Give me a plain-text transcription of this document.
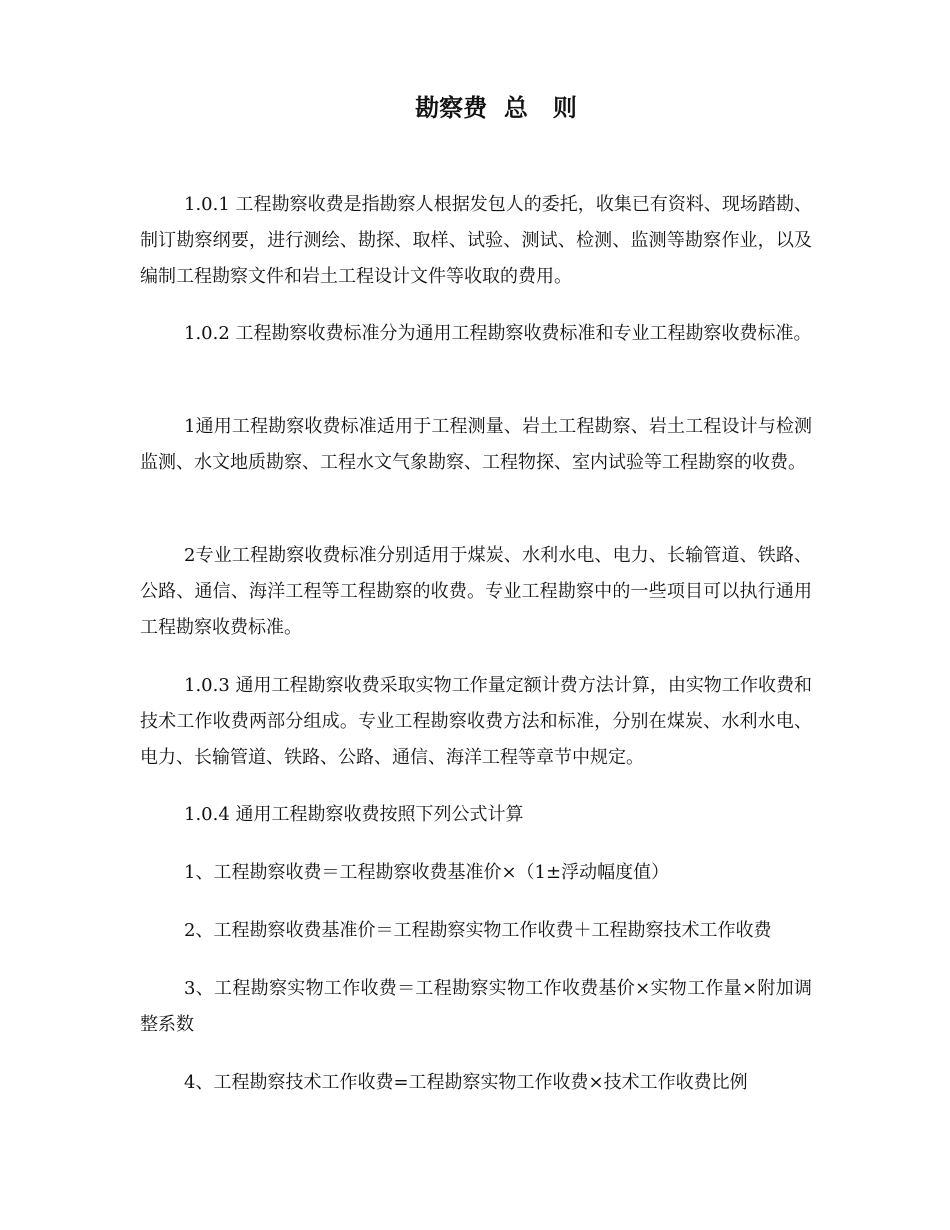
勘察费  总   则

1.0.1 工程勘察收费是指勘察人根据发包人的委托，收集已有资料、现场踏勘、制订勘察纲要，进行测绘、勘探、取样、试验、测试、检测、监测等勘察作业，以及编制工程勘察文件和岩土工程设计文件等收取的费用。

1.0.2 工程勘察收费标准分为通用工程勘察收费标准和专业工程勘察收费标准。

1通用工程勘察收费标准适用于工程测量、岩土工程勘察、岩土工程设计与检测监测、水文地质勘察、工程水文气象勘察、工程物探、室内试验等工程勘察的收费。

2专业工程勘察收费标准分别适用于煤炭、水利水电、电力、长输管道、铁路、公路、通信、海洋工程等工程勘察的收费。专业工程勘察中的一些项目可以执行通用工程勘察收费标准。

1.0.3 通用工程勘察收费采取实物工作量定额计费方法计算，由实物工作收费和技术工作收费两部分组成。专业工程勘察收费方法和标准，分别在煤炭、水利水电、电力、长输管道、铁路、公路、通信、海洋工程等章节中规定。

1.0.4 通用工程勘察收费按照下列公式计算

1、工程勘察收费＝工程勘察收费基准价×（1±浮动幅度值）

2、工程勘察收费基准价＝工程勘察实物工作收费＋工程勘察技术工作收费

3、工程勘察实物工作收费＝工程勘察实物工作收费基价×实物工作量×附加调整系数

4、工程勘察技术工作收费=工程勘察实物工作收费×技术工作收费比例
